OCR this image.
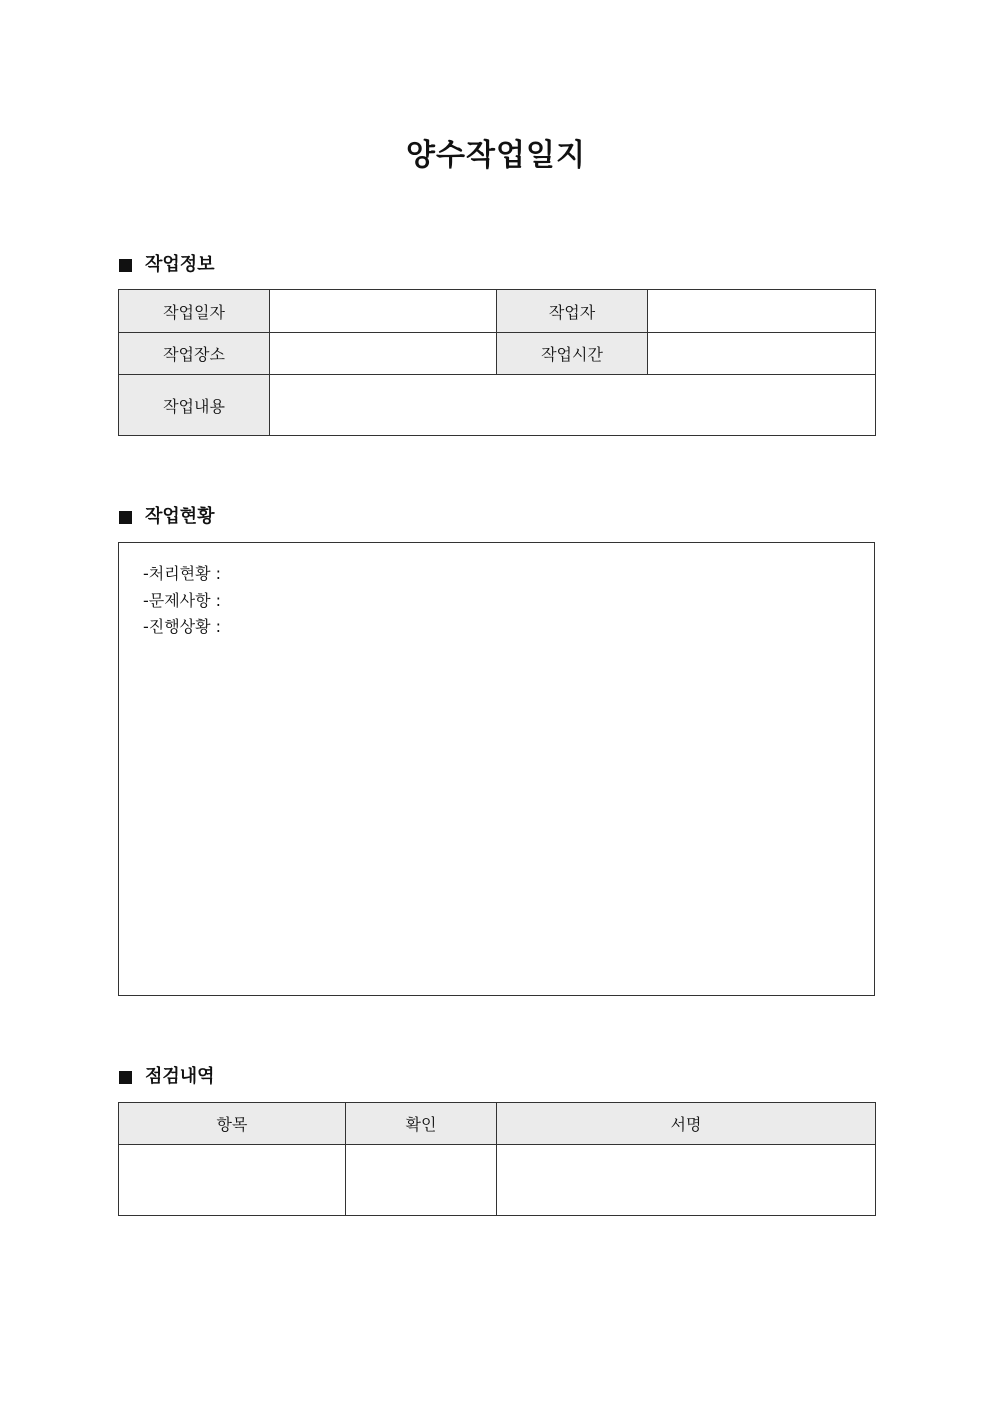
양수작업일지
작업정보
작업일자		작업자	
작업장소		작업시간	
작업내용			
작업현황
-처리현황 :
-문제사항 :
-진행상황 :
점검내역
항목	확인	서명
